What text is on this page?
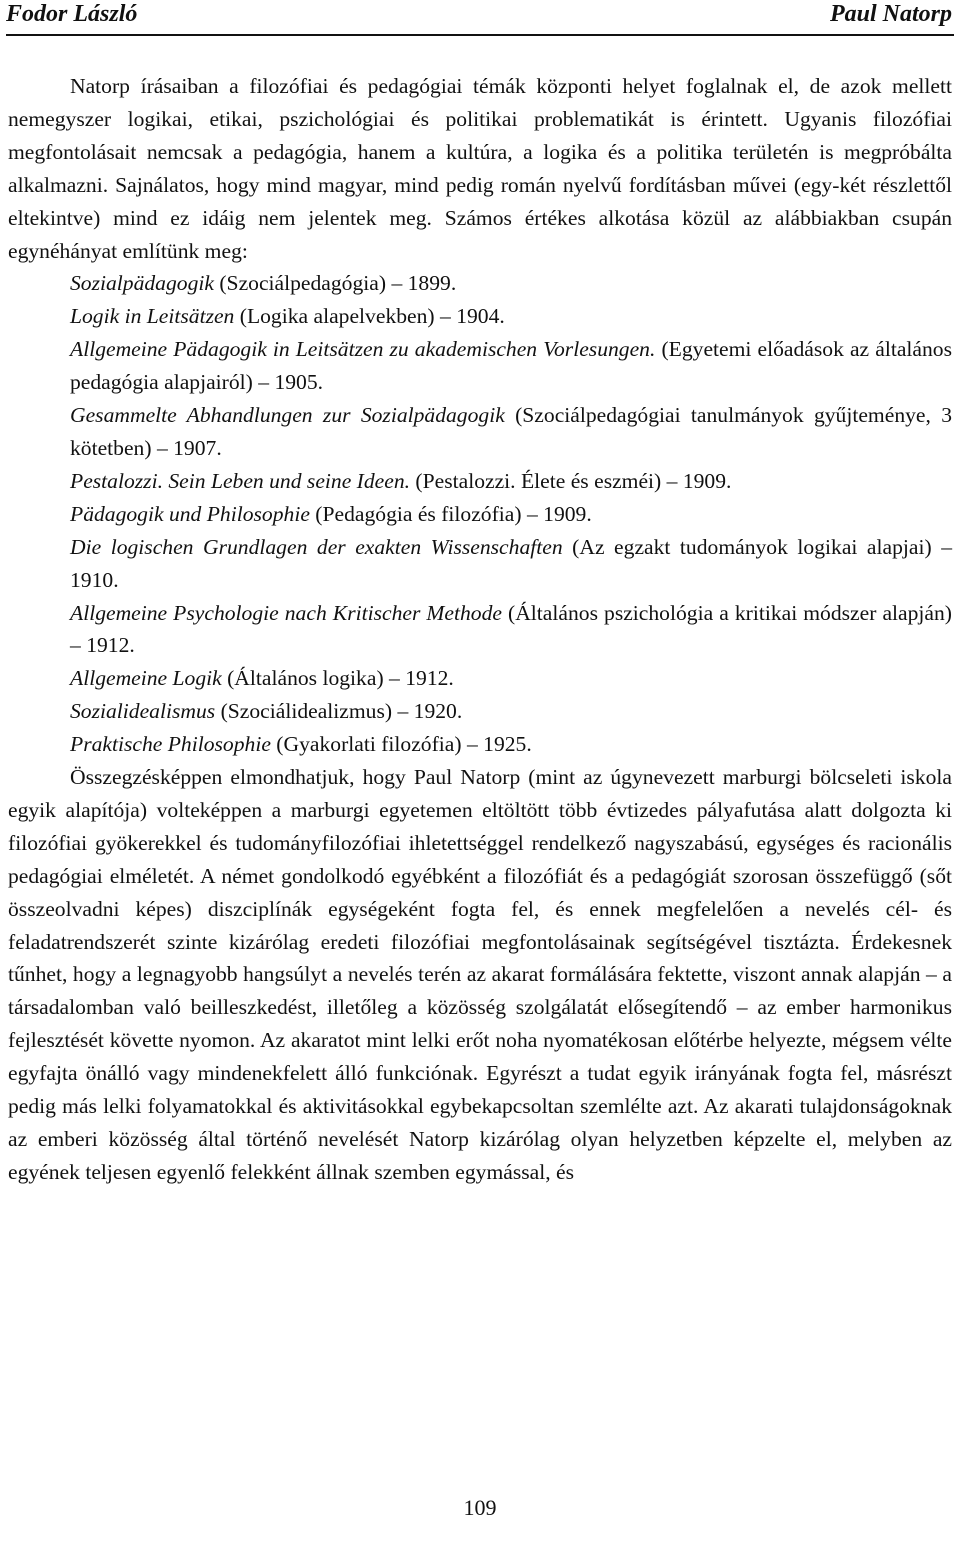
Fodor László	Paul Natorp

Natorp írásaiban a filozófiai és pedagógiai témák központi helyet foglalnak el, de azok mellett nemegyszer logikai, etikai, pszichológiai és politikai problematikát is érintett. Ugyanis filozófiai megfontolásait nemcsak a pedagógia, hanem a kultúra, a logika és a politika területén is megpróbálta alkalmazni. Sajnálatos, hogy mind magyar, mind pedig román nyelvű fordításban művei (egy-két részlettől eltekintve) mind ez idáig nem jelentek meg. Számos értékes alkotása közül az alábbiakban csupán egynéhányat említünk meg:

Sozialpädagogik (Szociálpedagógia) – 1899.

Logik in Leitsätzen (Logika alapelvekben) – 1904.

Allgemeine Pädagogik in Leitsätzen zu akademischen Vorlesungen. (Egyetemi előadások az általános pedagógia alapjairól) – 1905.

Gesammelte Abhandlungen zur Sozialpädagogik (Szociálpedagógiai tanulmányok gyűjteménye, 3 kötetben) – 1907.

Pestalozzi. Sein Leben und seine Ideen. (Pestalozzi. Élete és eszméi) – 1909.

Pädagogik und Philosophie (Pedagógia és filozófia) – 1909.

Die logischen Grundlagen der exakten Wissenschaften (Az egzakt tudományok logikai alapjai) – 1910.

Allgemeine Psychologie nach Kritischer Methode (Általános pszichológia a kritikai módszer alapján) – 1912.

Allgemeine Logik (Általános logika) – 1912.

Sozialidealismus (Szociálidealizmus) – 1920.

Praktische Philosophie (Gyakorlati filozófia) – 1925.

Összegzésképpen elmondhatjuk, hogy Paul Natorp (mint az úgynevezett marburgi bölcseleti iskola egyik alapítója) volteképpen a marburgi egyetemen eltöltött több évtizedes pályafutása alatt dolgozta ki filozófiai gyökerekkel és tudományfilozófiai ihletettséggel rendelkező nagyszabású, egységes és racionális pedagógiai elméletét. A német gondolkodó egyébként a filozófiát és a pedagógiát szorosan összefüggő (sőt összeolvadni képes) diszciplínák egységeként fogta fel, és ennek megfelelően a nevelés cél- és feladatrendszerét szinte kizárólag eredeti filozófiai megfontolásainak segítségével tisztázta. Érdekesnek tűnhet, hogy a legnagyobb hangsúlyt a nevelés terén az akarat formálására fektette, viszont annak alapján – a társadalomban való beilleszkedést, illetőleg a közösség szolgálatát elősegítendő – az ember harmonikus fejlesztését követte nyomon. Az akaratot mint lelki erőt noha nyomatékosan előtérbe helyezte, mégsem vélte egyfajta önálló vagy mindenekfelett álló funkciónak. Egyrészt a tudat egyik irányának fogta fel, másrészt pedig más lelki folyamatokkal és aktivitásokkal egybekapcsoltan szemlélte azt. Az akarati tulajdonságoknak az emberi közösség által történő nevelését Natorp kizárólag olyan helyzetben képzelte el, melyben az egyének teljesen egyenlő felekként állnak szemben egymással, és

109
